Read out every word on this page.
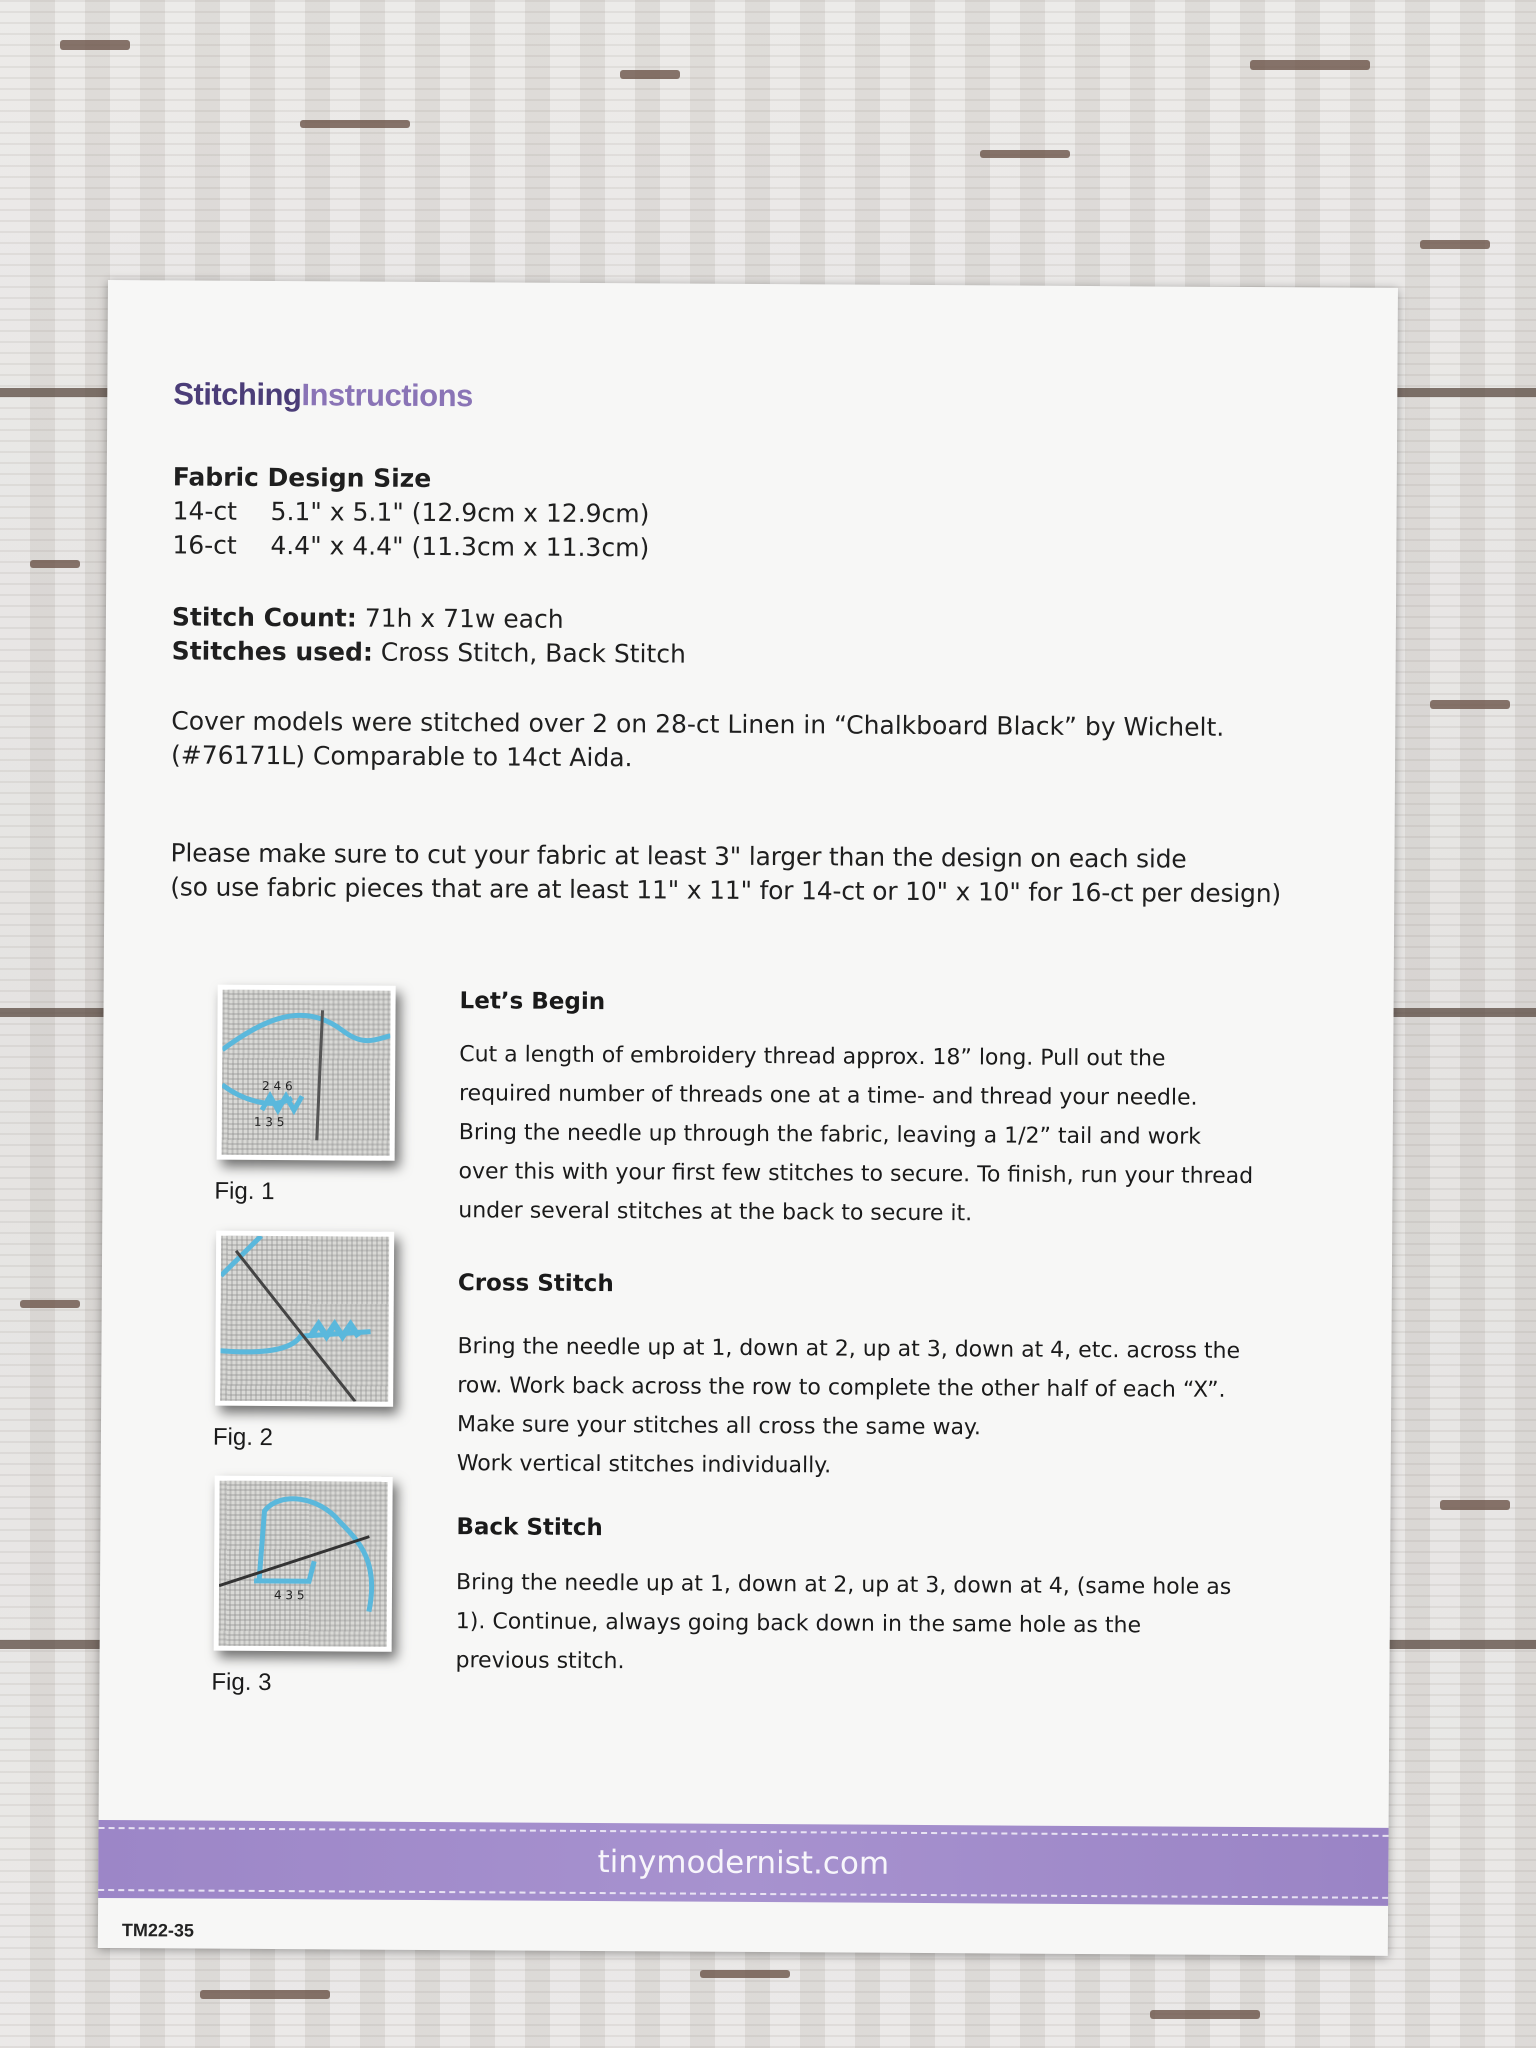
StitchingInstructions
Fabric Design Size
14-ct	5.1" x 5.1" (12.9cm x 12.9cm)
16-ct	4.4" x 4.4" (11.3cm x 11.3cm)
Stitch Count: 71h x 71w each
Stitches used: Cross Stitch, Back Stitch
Cover models were stitched over 2 on 28-ct Linen in “Chalkboard Black” by Wichelt.
(#76171L) Comparable to 14ct Aida.
Please make sure to cut your fabric at least 3" larger than the design on each side
(so use fabric pieces that are at least 11" x 11" for 14-ct or 10" x 10" for 16-ct per design)
2 4 6
1 3 5
Fig. 1
Fig. 2
4 3 5
Fig. 3
Let’s Begin
Cut a length of embroidery thread approx. 18” long. Pull out the
required number of threads one at a time- and thread your needle.
Bring the needle up through the fabric, leaving a 1/2” tail and work
over this with your first few stitches to secure. To finish, run your thread
under several stitches at the back to secure it.
Cross Stitch
Bring the needle up at 1, down at 2, up at 3, down at 4, etc. across the
row. Work back across the row to complete the other half of each “X”.
Make sure your stitches all cross the same way.
Work vertical stitches individually.
Back Stitch
Bring the needle up at 1, down at 2, up at 3, down at 4, (same hole as
1). Continue, always going back down in the same hole as the
previous stitch.
tinymodernist.com
TM22-35
